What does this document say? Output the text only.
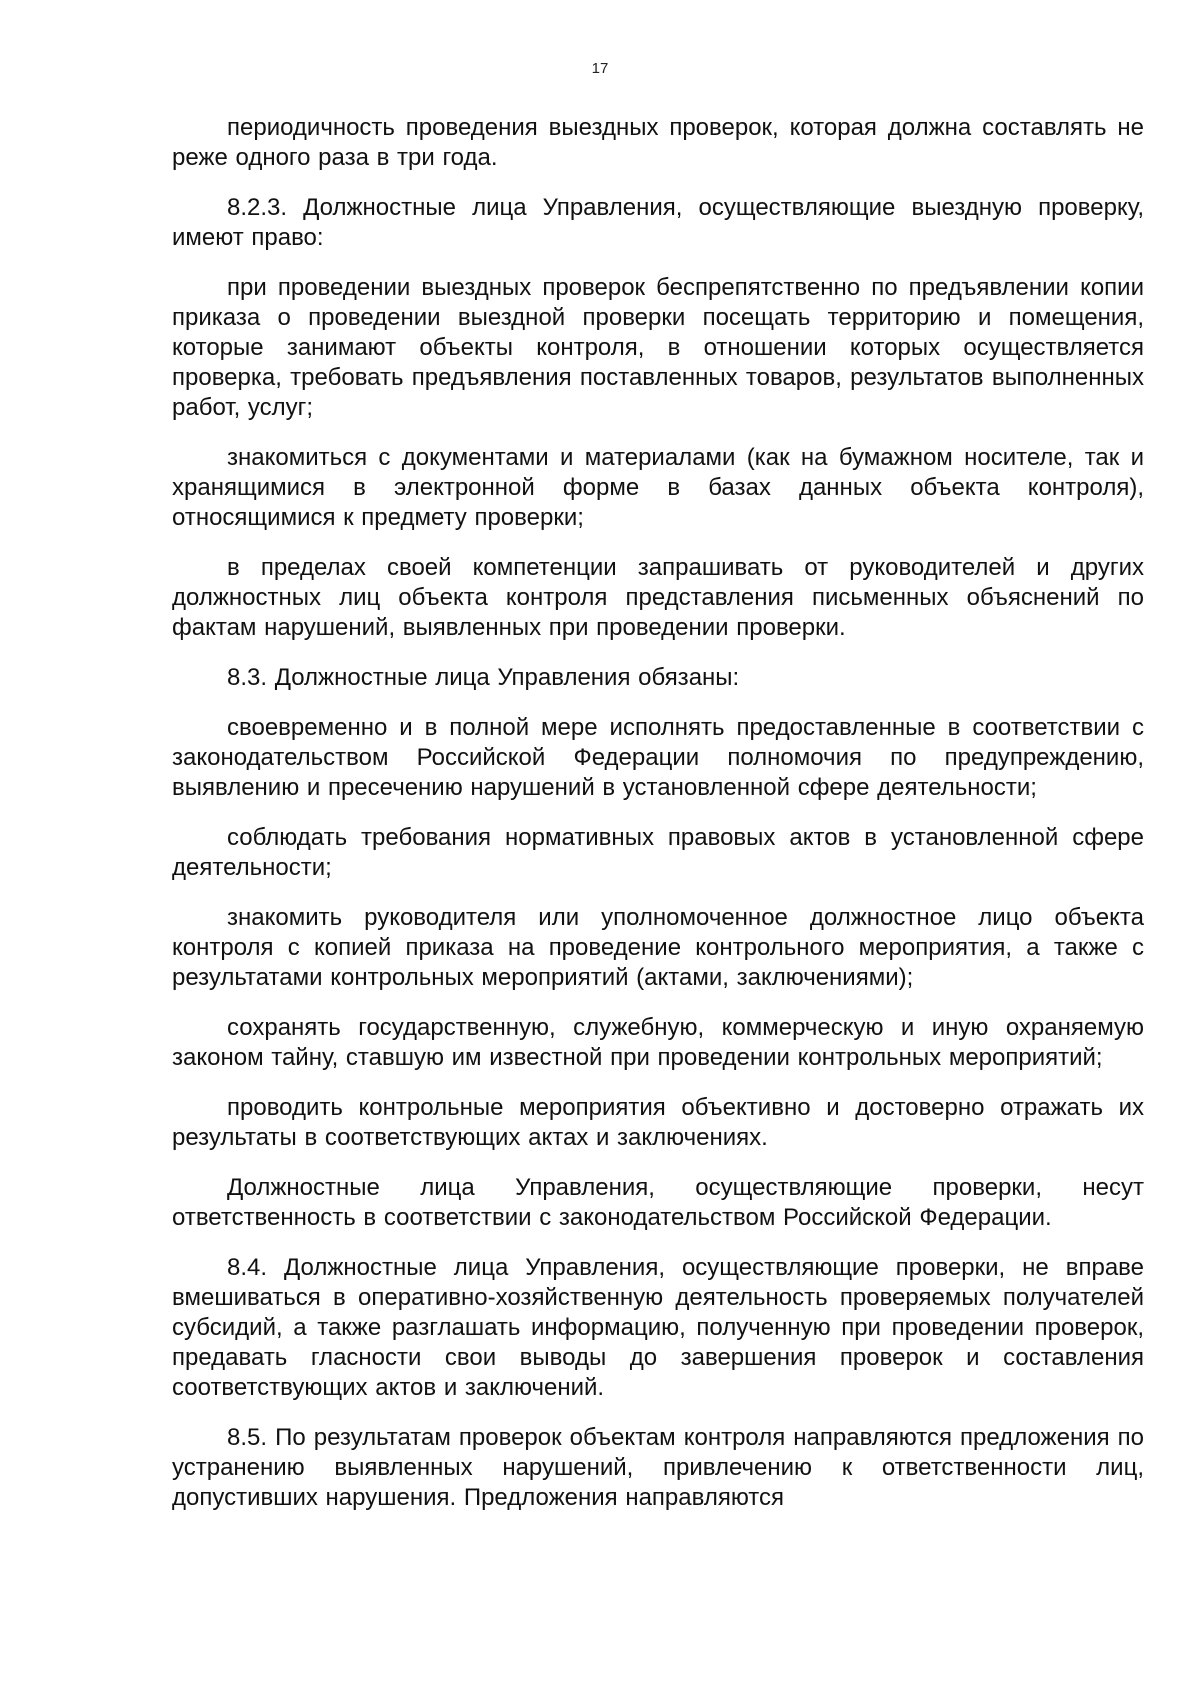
17

периодичность проведения выездных проверок, которая должна составлять не реже одного раза в три года.

8.2.3. Должностные лица Управления, осуществляющие выездную проверку, имеют право:

при проведении выездных проверок беспрепятственно по предъявлении копии приказа о проведении выездной проверки посещать территорию и помещения, которые занимают объекты контроля, в отношении которых осуществляется проверка, требовать предъявления поставленных товаров, результатов выполненных работ, услуг;

знакомиться с документами и материалами (как на бумажном носителе, так и хранящимися в электронной форме в базах данных объекта контроля), относящимися к предмету проверки;

в пределах своей компетенции запрашивать от руководителей и других должностных лиц объекта контроля представления письменных объяснений по фактам нарушений, выявленных при проведении проверки.

8.3. Должностные лица Управления обязаны:

своевременно и в полной мере исполнять предоставленные в соответствии с законодательством Российской Федерации полномочия по предупреждению, выявлению и пресечению нарушений в установленной сфере деятельности;

соблюдать требования нормативных правовых актов в установленной сфере деятельности;

знакомить руководителя или уполномоченное должностное лицо объекта контроля с копией приказа на проведение контрольного мероприятия, а также с результатами контрольных мероприятий (актами, заключениями);

сохранять государственную, служебную, коммерческую и иную охраняемую законом тайну, ставшую им известной при проведении контрольных мероприятий;

проводить контрольные мероприятия объективно и достоверно отражать их результаты в соответствующих актах и заключениях.

Должностные лица Управления, осуществляющие проверки, несут ответственность в соответствии с законодательством Российской Федерации.

8.4. Должностные лица Управления, осуществляющие проверки, не вправе вмешиваться в оперативно-хозяйственную деятельность проверяемых получателей субсидий, а также разглашать информацию, полученную при проведении проверок, предавать гласности свои выводы до завершения проверок и составления соответствующих актов и заключений.

8.5. По результатам проверок объектам контроля направляются предложения по устранению выявленных нарушений, привлечению к ответственности лиц, допустивших нарушения. Предложения направляются
